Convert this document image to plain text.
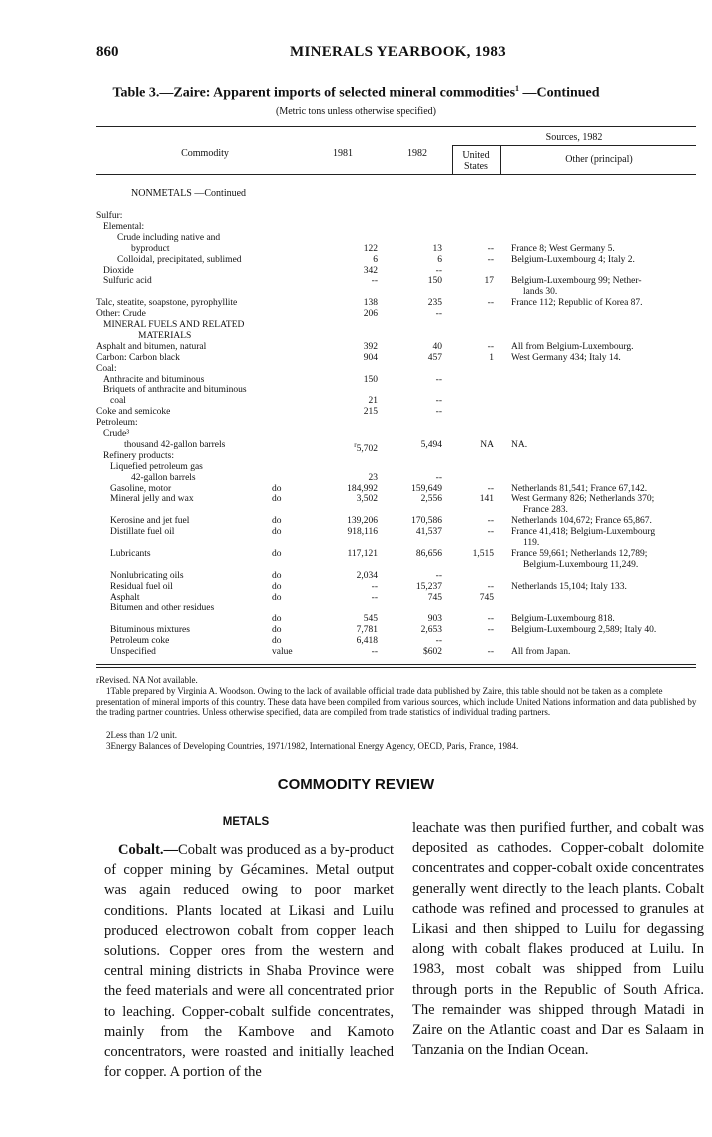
860	MINERALS YEARBOOK, 1983
Table 3.—Zaire: Apparent imports of selected mineral commodities$^1$ —Continued
(Metric tons unless otherwise specified)
Commodity	1981	1982
Sources, 1982
United States
Other (principal)
NONMETALS —Continued
Sulfur:
Elemental:
Crude including native and
byproduct	122	13	-- France 8; West Germany 5.
Colloidal, precipitated, sublimed	6	6	-- Belgium-Luxembourg 4; Italy 2.
Dioxide	342	--
Sulfuric acid	--	150	17 Belgium-Luxembourg 99; Nether-
lands 30.
Talc, steatite, soapstone, pyrophyllite	138	235	-- France 112; Republic of Korea 87.
Other: Crude	206	--
MINERAL FUELS AND RELATED
MATERIALS
Asphalt and bitumen, natural	392	40	-- All from Belgium-Luxembourg.
Carbon: Carbon black	904	457	1 West Germany 434; Italy 14.
Coal:
Anthracite and bituminous	150	--
Briquets of anthracite and bituminous
coal	21	--
Coke and semicoke	215	--
Petroleum:
Crude³
thousand 42-gallon barrels	$^r$5,702	5,494	NA NA.
Refinery products:
Liquefied petroleum gas
42-gallon barrels	23	--
Gasoline, motor	do	184,992	159,649	-- Netherlands 81,541; France 67,142.
Mineral jelly and wax	do	3,502	2,556	141 West Germany 826; Netherlands 370;
France 283.
Kerosine and jet fuel	do	139,206	170,586	-- Netherlands 104,672; France 65,867.
Distillate fuel oil	do	918,116	41,537	-- France 41,418; Belgium-Luxembourg
119.
Lubricants	do	117,121	86,656	1,515 France 59,661; Netherlands 12,789;
Belgium-Luxembourg 11,249.
Nonlubricating oils	do	2,034	--
Residual fuel oil	do	--	15,237	-- Netherlands 15,104; Italy 133.
Asphalt	do	--	745	745
Bitumen and other residues
do	545	903	-- Belgium-Luxembourg 818.
Bituminous mixtures	do	7,781	2,653	-- Belgium-Luxembourg 2,589; Italy 40.
Petroleum coke	do	6,418	--
Unspecified	value	--	$602	-- All from Japan.
rRevised. NA Not available.
1Table prepared by Virginia A. Woodson. Owing to the lack of available official trade data published by Zaire, this table should not be taken as a complete presentation of mineral imports of this country. These data have been compiled from various sources, which include United Nations information and data published by the trading partner countries. Unless otherwise specified, data are compiled from trade statistics of individual trading partners.
2Less than 1/2 unit.
3Energy Balances of Developing Countries, 1971/1982, International Energy Agency, OECD, Paris, France, 1984.
COMMODITY REVIEW
METALS
Cobalt.—Cobalt was produced as a by-product of copper mining by Gécamines. Metal output was again reduced owing to poor market conditions. Plants located at Likasi and Luilu produced electrowon cobalt from copper leach solutions. Copper ores from the western and central mining districts in Shaba Province were the feed materials and were all concentrated prior to leaching. Copper-cobalt sulfide concentrates, mainly from the Kambove and Kamoto concentrators, were roasted and initially leached for copper. A portion of the
leachate was then purified further, and cobalt was deposited as cathodes. Copper-cobalt dolomite concentrates and copper-cobalt oxide concentrates generally went directly to the leach plants. Cobalt cathode was refined and processed to granules at Likasi and then shipped to Luilu for degassing along with cobalt flakes produced at Luilu. In 1983, most cobalt was shipped from Luilu through ports in the Republic of South Africa. The remainder was shipped through Matadi in Zaire on the Atlantic coast and Dar es Salaam in Tanzania on the Indian Ocean.
